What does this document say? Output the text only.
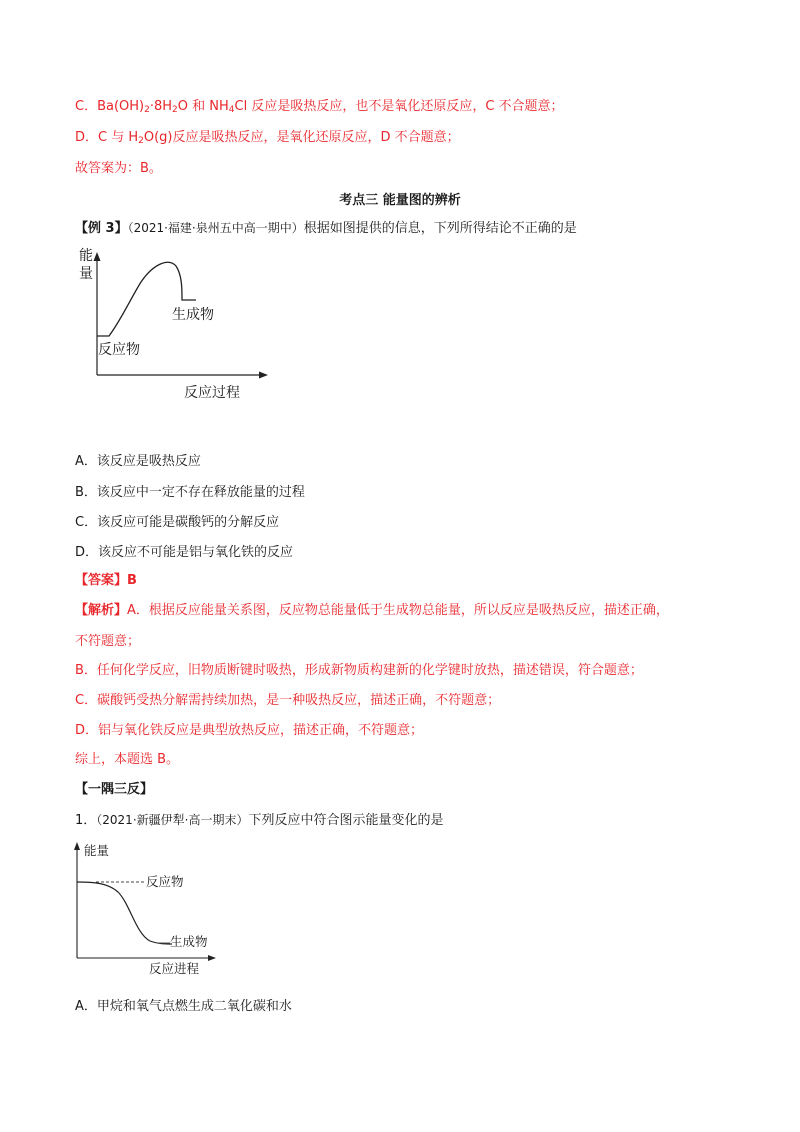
C．$Ba(OH)_2\cdot 8H_2O$ 和 $NH_4Cl$ 反应是吸热反应，也不是氧化还原反应，C 不合题意；
D．C 与 $H_2O(g)$反应是吸热反应，是氧化还原反应，D 不合题意；
故答案为：B。
考点三 能量图的辨析
【例 3】（2021·福建·泉州五中高一期中）根据如图提供的信息，下列所得结论不正确的是
能
量
反应物
生成物
反应过程
A．该反应是吸热反应
B．该反应中一定不存在释放能量的过程
C．该反应可能是碳酸钙的分解反应
D．该反应不可能是铝与氧化铁的反应
【答案】B
【解析】A．根据反应能量关系图，反应物总能量低于生成物总能量，所以反应是吸热反应，描述正确，
不符题意；
B．任何化学反应，旧物质断键时吸热，形成新物质构建新的化学键时放热，描述错误，符合题意；
C．碳酸钙受热分解需持续加热，是一种吸热反应，描述正确，不符题意；
D．铝与氧化铁反应是典型放热反应，描述正确，不符题意；
综上，本题选 B。
【一隅三反】
1．（2021·新疆伊犁·高一期末）下列反应中符合图示能量变化的是
能量
反应物
生成物
反应进程
A．甲烷和氧气点燃生成二氧化碳和水
